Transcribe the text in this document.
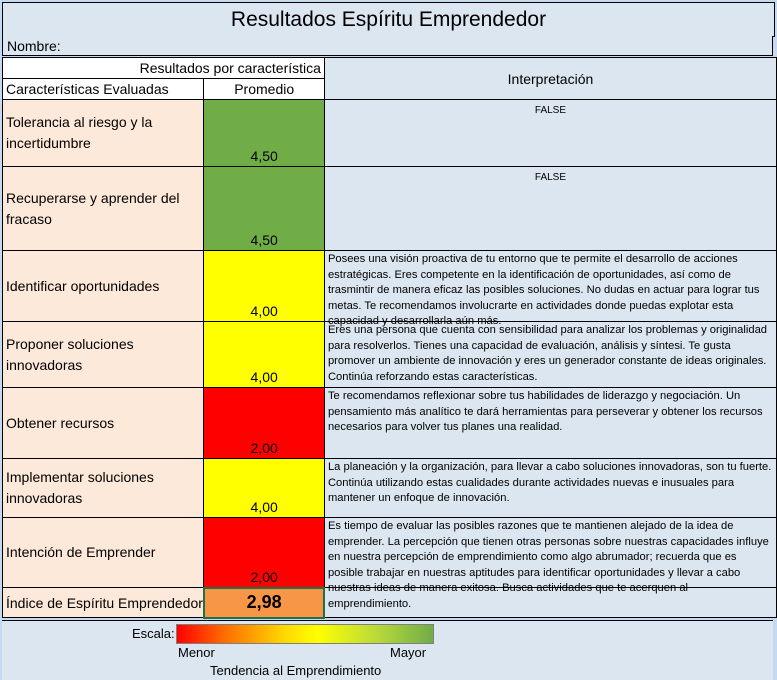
Resultados Espíritu Emprendedor
Nombre:
Resultados por característica		Interpretación
Características Evaluadas	Promedio	
Tolerancia al riesgo y la incertidumbre	4,50	FALSE

Recuperarse y aprender del fracaso	4,50	FALSE

Identificar oportunidades	4,00	Posees una visión proactiva de tu entorno que te permite el desarrollo de acciones estratégicas. Eres competente en la identificación de oportunidades, así como de trasmintir de manera eficaz las posibles soluciones. No dudas en actuar para lograr tus metas. Te recomendamos involucrarte en actividades donde puedas explotar esta capacidad y desarrollarla aún más.

Proponer soluciones innovadoras	4,00	Eres una persona que cuenta con sensibilidad para analizar los problemas y originalidad para resolverlos. Tienes una capacidad de evaluación, análisis y síntesi. Te gusta promover un ambiente de innovación y eres un generador constante de ideas originales. Continúa reforzando estas características.

Obtener recursos	2,00	Te recomendamos reflexionar sobre tus habilidades de liderazgo y negociación. Un pensamiento más analítico te dará herramientas para perseverar y obtener los recursos necesarios para volver tus planes una realidad.

Implementar soluciones innovadoras	4,00	La planeación y la organización, para llevar a cabo soluciones innovadoras, son tu fuerte. Continúa utilizando estas cualidades durante actividades nuevas e inusuales para mantener un enfoque de innovación.

Intención de Emprender	2,00	Es tiempo de evaluar las posibles razones que te mantienen alejado de la idea de emprender. La percepción que tienen otras personas sobre nuestras capacidades influye en nuestra percepción de emprendimiento como algo abrumador; recuerda que es posible trabajar en nuestras aptitudes para identificar oportunidades y llevar a cabo nuestras ideas de manera exitosa. Busca actividades que te acerquen al emprendimiento.

Índice de Espíritu Emprendedor	2,98	
Escala:
Menor	Mayor
Tendencia al Emprendimiento
